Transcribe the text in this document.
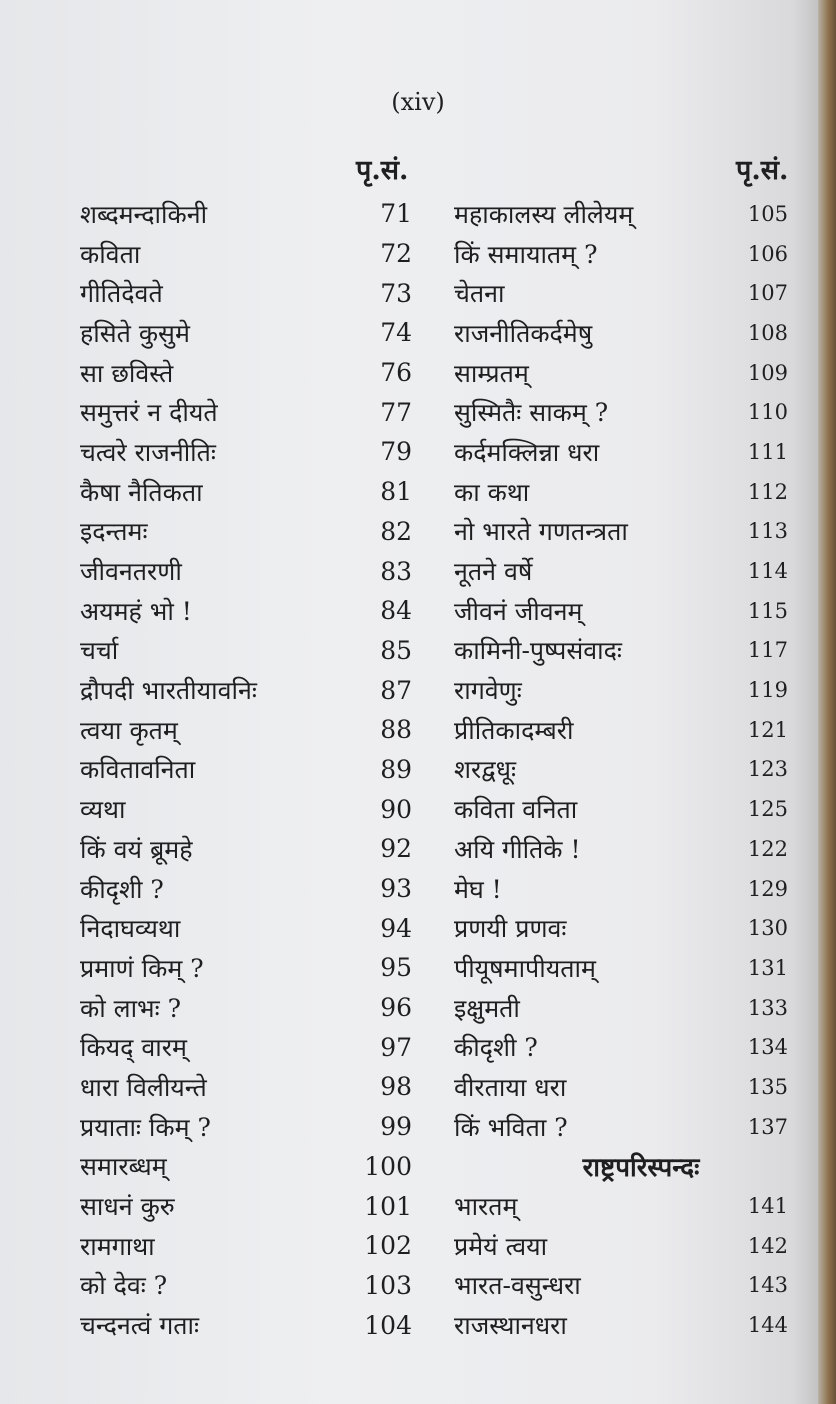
(xiv)
पृ.सं.	पृ.सं.
शब्दमन्दाकिनी	71
कविता	72
गीतिदेवते	73
हसिते कुसुमे	74
सा छविस्ते	76
समुत्तरं न दीयते	77
चत्वरे राजनीतिः	79
कैषा नैतिकता	81
इदन्तमः	82
जीवनतरणी	83
अयमहं भो !	84
चर्चा	85
द्रौपदी भारतीयावनिः	87
त्वया कृतम्	88
कवितावनिता	89
व्यथा	90
किं वयं ब्रूमहे	92
कीदृशी ?	93
निदाघव्यथा	94
प्रमाणं किम् ?	95
को लाभः ?	96
कियद् वारम्	97
धारा विलीयन्ते	98
प्रयाताः किम् ?	99
समारब्धम्	100
साधनं कुरु	101
रामगाथा	102
को देवः ?	103
चन्दनत्वं गताः	104
महाकालस्य लीलेयम्	105
किं समायातम् ?	106
चेतना	107
राजनीतिकर्दमेषु	108
साम्प्रतम्	109
सुस्मितैः साकम् ?	110
कर्दमक्लिन्ना धरा	111
का कथा	112
नो भारते गणतन्त्रता	113
नूतने वर्षे	114
जीवनं जीवनम्	115
कामिनी-पुष्पसंवादः	117
रागवेणुः	119
प्रीतिकादम्बरी	121
शरद्वधूः	123
कविता वनिता	125
अयि गीतिके !	122
मेघ !	129
प्रणयी प्रणवः	130
पीयूषमापीयताम्	131
इक्षुमती	133
कीदृशी ?	134
वीरताया धरा	135
किं भविता ?	137
राष्ट्रपरिस्पन्दः
भारतम्	141
प्रमेयं त्वया	142
भारत-वसुन्धरा	143
राजस्थानधरा	144
